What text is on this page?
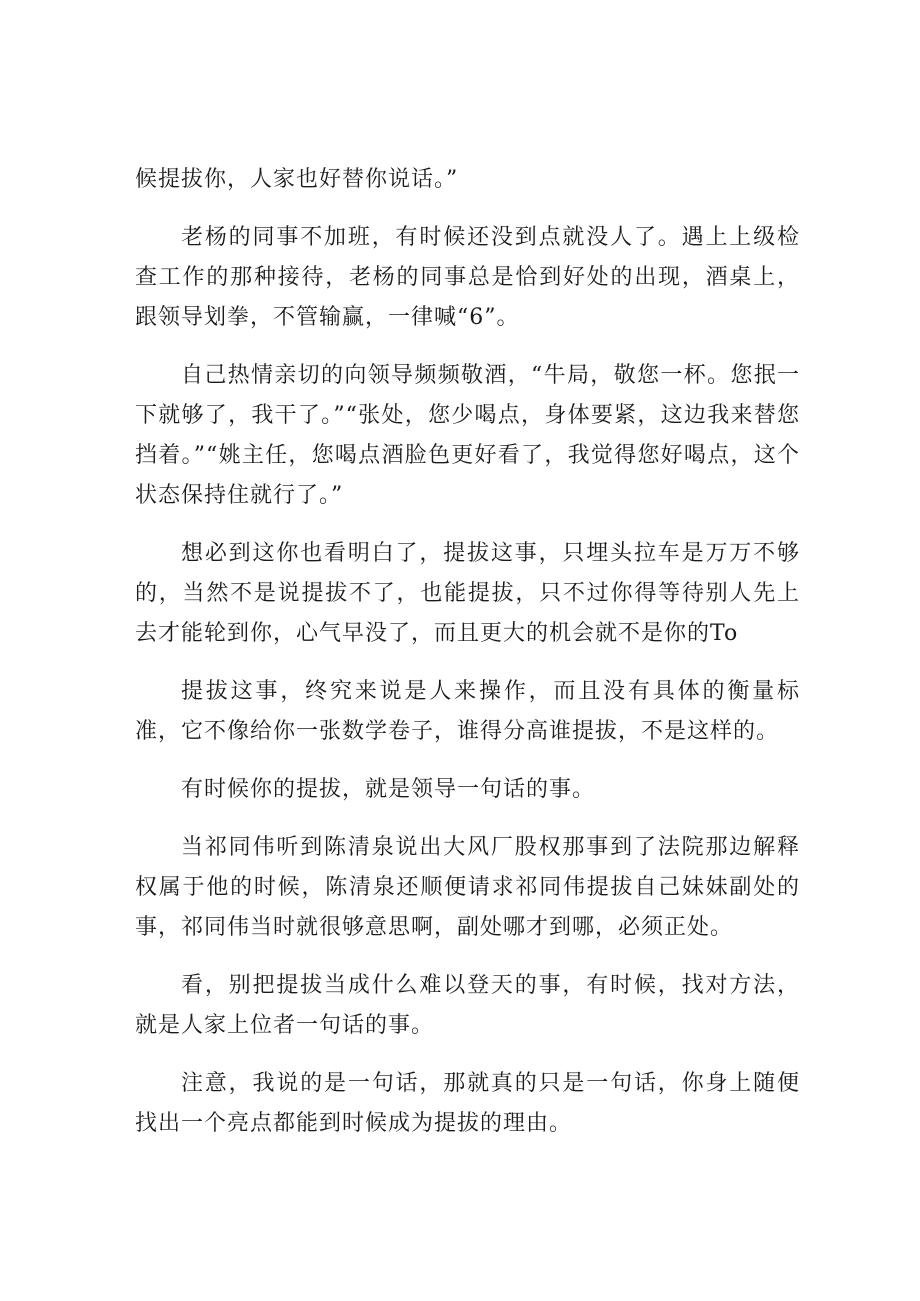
候提拔你，人家也好替你说话。”

老杨的同事不加班，有时候还没到点就没人了。遇上上级检查工作的那种接待，老杨的同事总是恰到好处的出现，酒桌上，跟领导划拳，不管输赢，一律喊“6”。

自己热情亲切的向领导频频敬酒，“牛局，敬您一杯。您抿一下就够了，我干了。”“张处，您少喝点，身体要紧，这边我来替您挡着。”“姚主任，您喝点酒脸色更好看了，我觉得您好喝点，这个状态保持住就行了。”

想必到这你也看明白了，提拔这事，只埋头拉车是万万不够的，当然不是说提拔不了，也能提拔，只不过你得等待别人先上去才能轮到你，心气早没了，而且更大的机会就不是你的To

提拔这事，终究来说是人来操作，而且没有具体的衡量标准，它不像给你一张数学卷子，谁得分高谁提拔，不是这样的。

有时候你的提拔，就是领导一句话的事。

当祁同伟听到陈清泉说出大风厂股权那事到了法院那边解释权属于他的时候，陈清泉还顺便请求祁同伟提拔自己妹妹副处的事，祁同伟当时就很够意思啊，副处哪才到哪，必须正处。

看，别把提拔当成什么难以登天的事，有时候，找对方法，就是人家上位者一句话的事。

注意，我说的是一句话，那就真的只是一句话，你身上随便找出一个亮点都能到时候成为提拔的理由。
